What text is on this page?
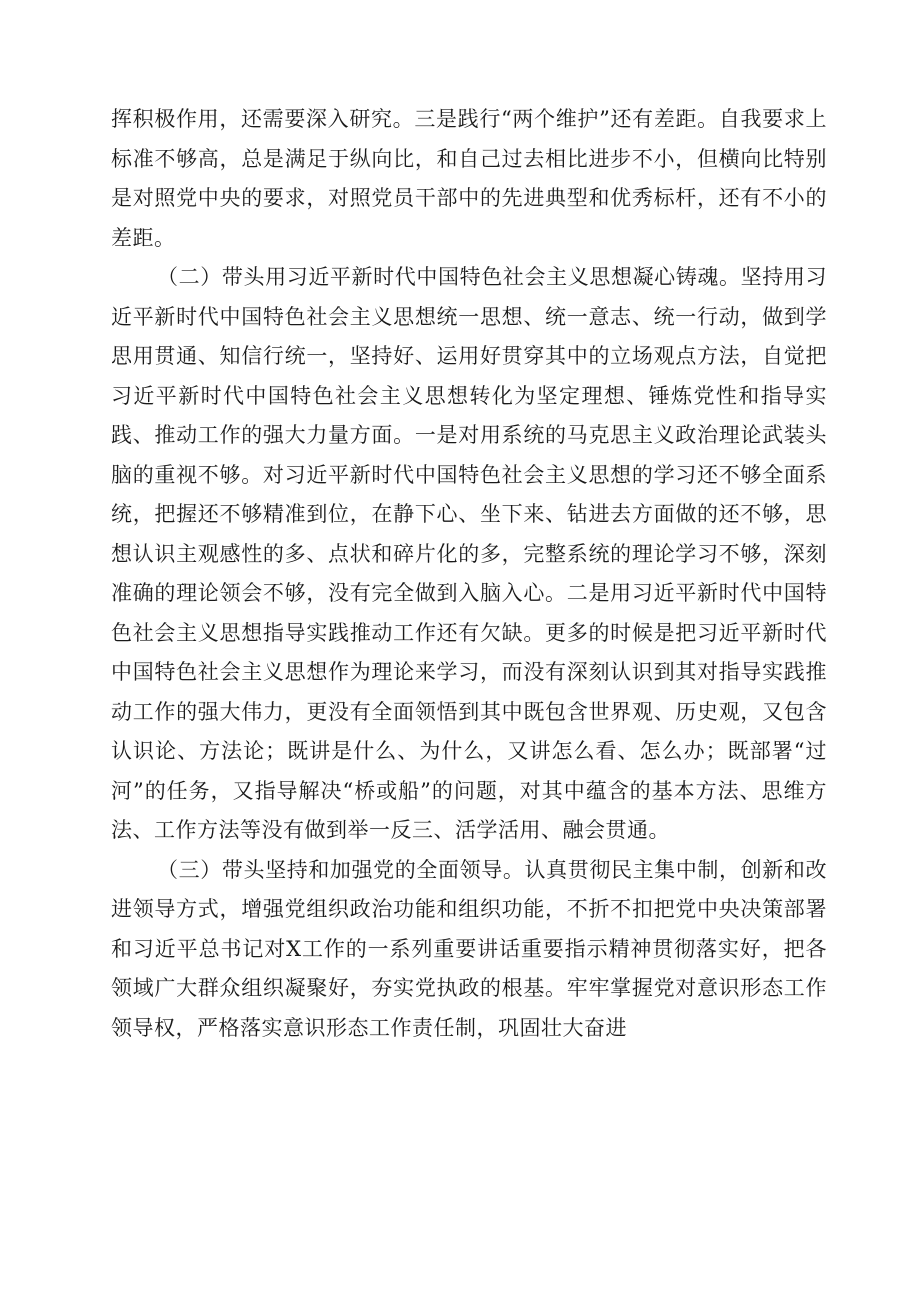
挥积极作用，还需要深入研究。三是践行“两个维护”还有差距。自我要求上标准不够高，总是满足于纵向比，和自己过去相比进步不小，但横向比特别是对照党中央的要求，对照党员干部中的先进典型和优秀标杆，还有不小的差距。

（二）带头用习近平新时代中国特色社会主义思想凝心铸魂。坚持用习近平新时代中国特色社会主义思想统一思想、统一意志、统一行动，做到学思用贯通、知信行统一，坚持好、运用好贯穿其中的立场观点方法，自觉把习近平新时代中国特色社会主义思想转化为坚定理想、锤炼党性和指导实践、推动工作的强大力量方面。一是对用系统的马克思主义政治理论武装头脑的重视不够。对习近平新时代中国特色社会主义思想的学习还不够全面系统，把握还不够精准到位，在静下心、坐下来、钻进去方面做的还不够，思想认识主观感性的多、点状和碎片化的多，完整系统的理论学习不够，深刻准确的理论领会不够，没有完全做到入脑入心。二是用习近平新时代中国特色社会主义思想指导实践推动工作还有欠缺。更多的时候是把习近平新时代中国特色社会主义思想作为理论来学习，而没有深刻认识到其对指导实践推动工作的强大伟力，更没有全面领悟到其中既包含世界观、历史观，又包含认识论、方法论；既讲是什么、为什么，又讲怎么看、怎么办；既部署“过河”的任务，又指导解决“桥或船”的问题，对其中蕴含的基本方法、思维方法、工作方法等没有做到举一反三、活学活用、融会贯通。

（三）带头坚持和加强党的全面领导。认真贯彻民主集中制，创新和改进领导方式，增强党组织政治功能和组织功能，不折不扣把党中央决策部署和习近平总书记对X工作的一系列重要讲话重要指示精神贯彻落实好，把各领域广大群众组织凝聚好，夯实党执政的根基。牢牢掌握党对意识形态工作领导权，严格落实意识形态工作责任制，巩固壮大奋进
